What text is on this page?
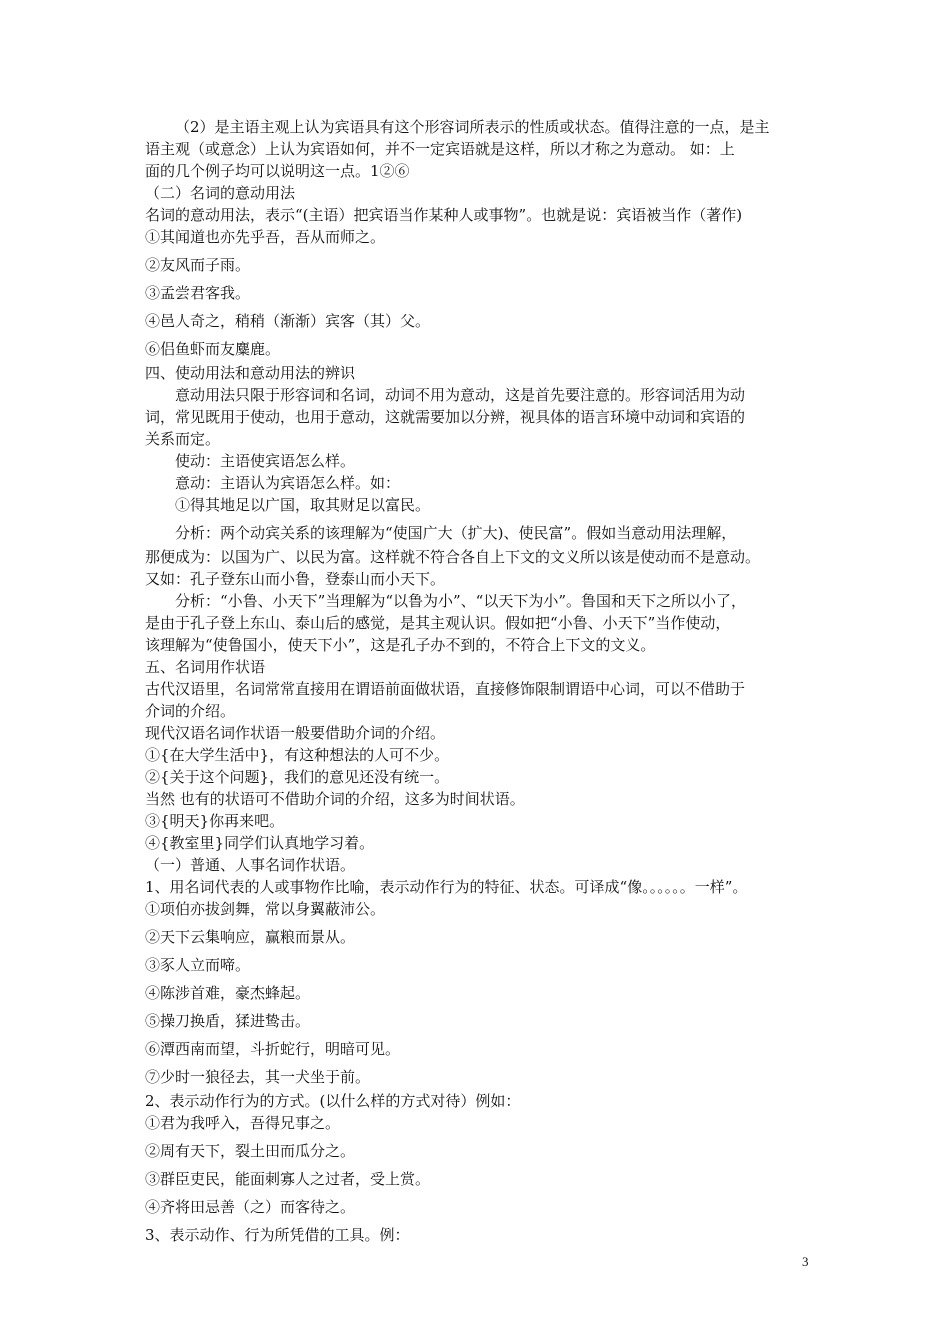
（2）是主语主观上认为宾语具有这个形容词所表示的性质或状态。值得注意的一点，是主
语主观（或意念）上认为宾语如何，并不一定宾语就是这样，所以才称之为意动。 如：上
面的几个例子均可以说明这一点。1②⑥
（二）名词的意动用法
名词的意动用法，表示“(主语）把宾语当作某种人或事物”。也就是说：宾语被当作（著作)
①其闻道也亦先乎吾，吾从而师之。
②友风而子雨。
③孟尝君客我。
④邑人奇之，稍稍（渐渐）宾客（其）父。
⑥侣鱼虾而友麋鹿。
四、使动用法和意动用法的辨识
意动用法只限于形容词和名词，动词不用为意动，这是首先要注意的。形容词活用为动
词，常见既用于使动，也用于意动，这就需要加以分辨，视具体的语言环境中动词和宾语的
关系而定。
使动：主语使宾语怎么样。
意动：主语认为宾语怎么样。如：
①得其地足以广国，取其财足以富民。
分析：两个动宾关系的该理解为“使国广大（扩大)、使民富”。假如当意动用法理解，
那便成为：以国为广、以民为富。这样就不符合各自上下文的文义所以该是使动而不是意动。
又如：孔子登东山而小鲁，登泰山而小天下。
分析：“小鲁、小天下”当理解为“以鲁为小”、“以天下为小”。鲁国和天下之所以小了，
是由于孔子登上东山、泰山后的感觉，是其主观认识。假如把“小鲁、小天下”当作使动，
该理解为“使鲁国小，使天下小”，这是孔子办不到的，不符合上下文的文义。
五、名词用作状语
古代汉语里，名词常常直接用在谓语前面做状语，直接修饰限制谓语中心词，可以不借助于
介词的介绍。
现代汉语名词作状语一般要借助介词的介绍。
①{在大学生活中}，有这种想法的人可不少。
②{关于这个问题}，我们的意见还没有统一。
当然 也有的状语可不借助介词的介绍，这多为时间状语。
③{明天}你再来吧。
④{教室里}同学们认真地学习着。
（一）普通、人事名词作状语。
1、用名词代表的人或事物作比喻，表示动作行为的特征、状态。可译成“像。。。。。。一样”。
①项伯亦拔剑舞，常以身翼蔽沛公。
②天下云集响应，赢粮而景从。
③豕人立而啼。
④陈涉首难，豪杰蜂起。
⑤操刀换盾，猱进鸷击。
⑥潭西南而望，斗折蛇行，明暗可见。
⑦少时一狼径去，其一犬坐于前。
2、表示动作行为的方式。(以什么样的方式对待）例如：
①君为我呼入，吾得兄事之。
②周有天下，裂土田而瓜分之。
③群臣吏民，能面刺寡人之过者，受上赏。
④齐将田忌善（之）而客待之。
3、表示动作、行为所凭借的工具。例：
3
